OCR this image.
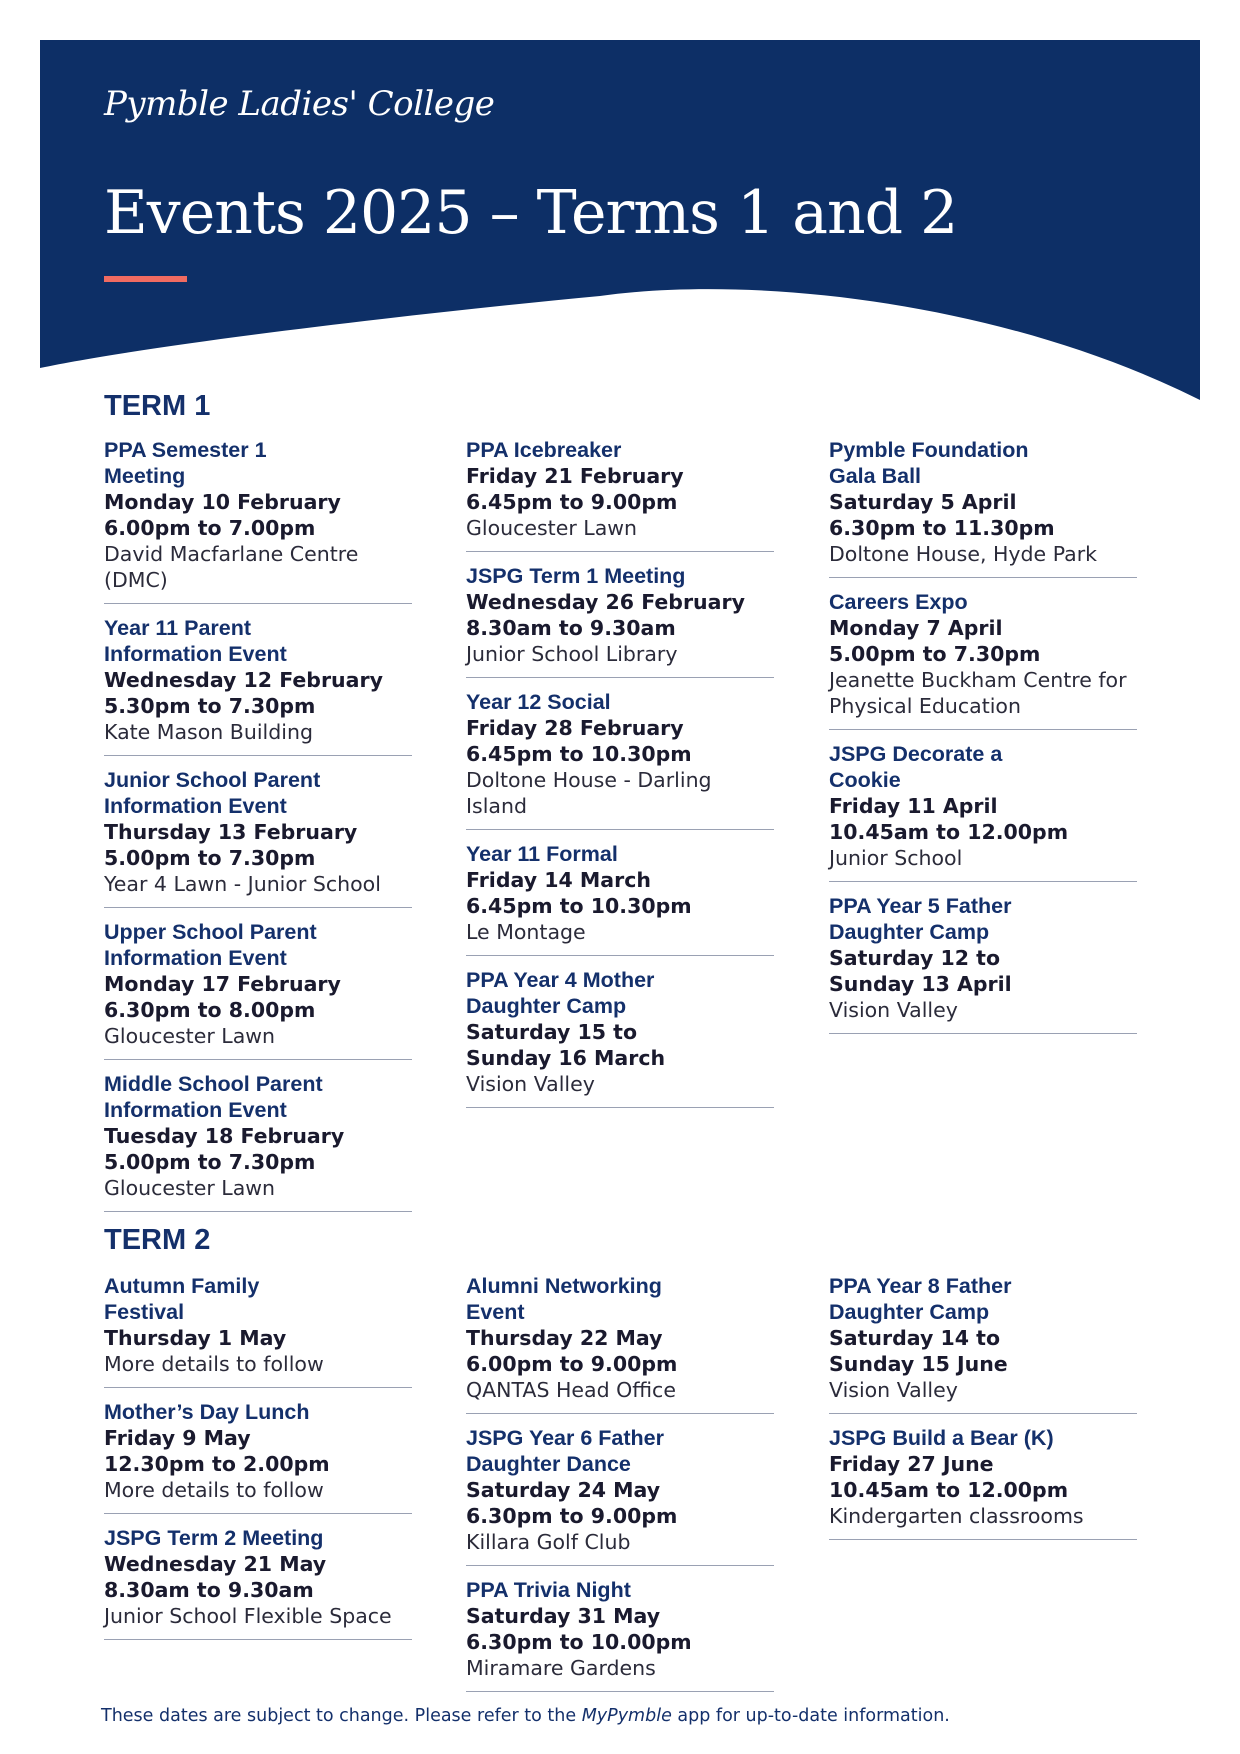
Pymble Ladies' College
Events 2025 – Terms 1 and 2
TERM 1
PPA Semester 1 Meeting
Monday 10 February
6.00pm to 7.00pm
David Macfarlane Centre (DMC)
Year 11 Parent Information Event
Wednesday 12 February
5.30pm to 7.30pm
Kate Mason Building
Junior School Parent Information Event
Thursday 13 February
5.00pm to 7.30pm
Year 4 Lawn - Junior School
Upper School Parent Information Event
Monday 17 February
6.30pm to 8.00pm
Gloucester Lawn
Middle School Parent Information Event
Tuesday 18 February
5.00pm to 7.30pm
Gloucester Lawn
PPA Icebreaker
Friday 21 February
6.45pm to 9.00pm
Gloucester Lawn
JSPG Term 1 Meeting
Wednesday 26 February
8.30am to 9.30am
Junior School Library
Year 12 Social
Friday 28 February
6.45pm to 10.30pm
Doltone House - Darling Island
Year 11 Formal
Friday 14 March
6.45pm to 10.30pm
Le Montage
PPA Year 4 Mother Daughter Camp
Saturday 15 to
Sunday 16 March
Vision Valley
Pymble Foundation Gala Ball
Saturday 5 April
6.30pm to 11.30pm
Doltone House, Hyde Park
Careers Expo
Monday 7 April
5.00pm to 7.30pm
Jeanette Buckham Centre for Physical Education
JSPG Decorate a Cookie
Friday 11 April
10.45am to 12.00pm
Junior School
PPA Year 5 Father Daughter Camp
Saturday 12 to
Sunday 13 April
Vision Valley
TERM 2
Autumn Family Festival
Thursday 1 May
More details to follow
Mother’s Day Lunch
Friday 9 May
12.30pm to 2.00pm
More details to follow
JSPG Term 2 Meeting
Wednesday 21 May
8.30am to 9.30am
Junior School Flexible Space
Alumni Networking Event
Thursday 22 May
6.00pm to 9.00pm
QANTAS Head Office
JSPG Year 6 Father Daughter Dance
Saturday 24 May
6.30pm to 9.00pm
Killara Golf Club
PPA Trivia Night
Saturday 31 May
6.30pm to 10.00pm
Miramare Gardens
PPA Year 8 Father Daughter Camp
Saturday 14 to
Sunday 15 June
Vision Valley
JSPG Build a Bear (K)
Friday 27 June
10.45am to 12.00pm
Kindergarten classrooms
These dates are subject to change. Please refer to the MyPymble app for up-to-date information.
